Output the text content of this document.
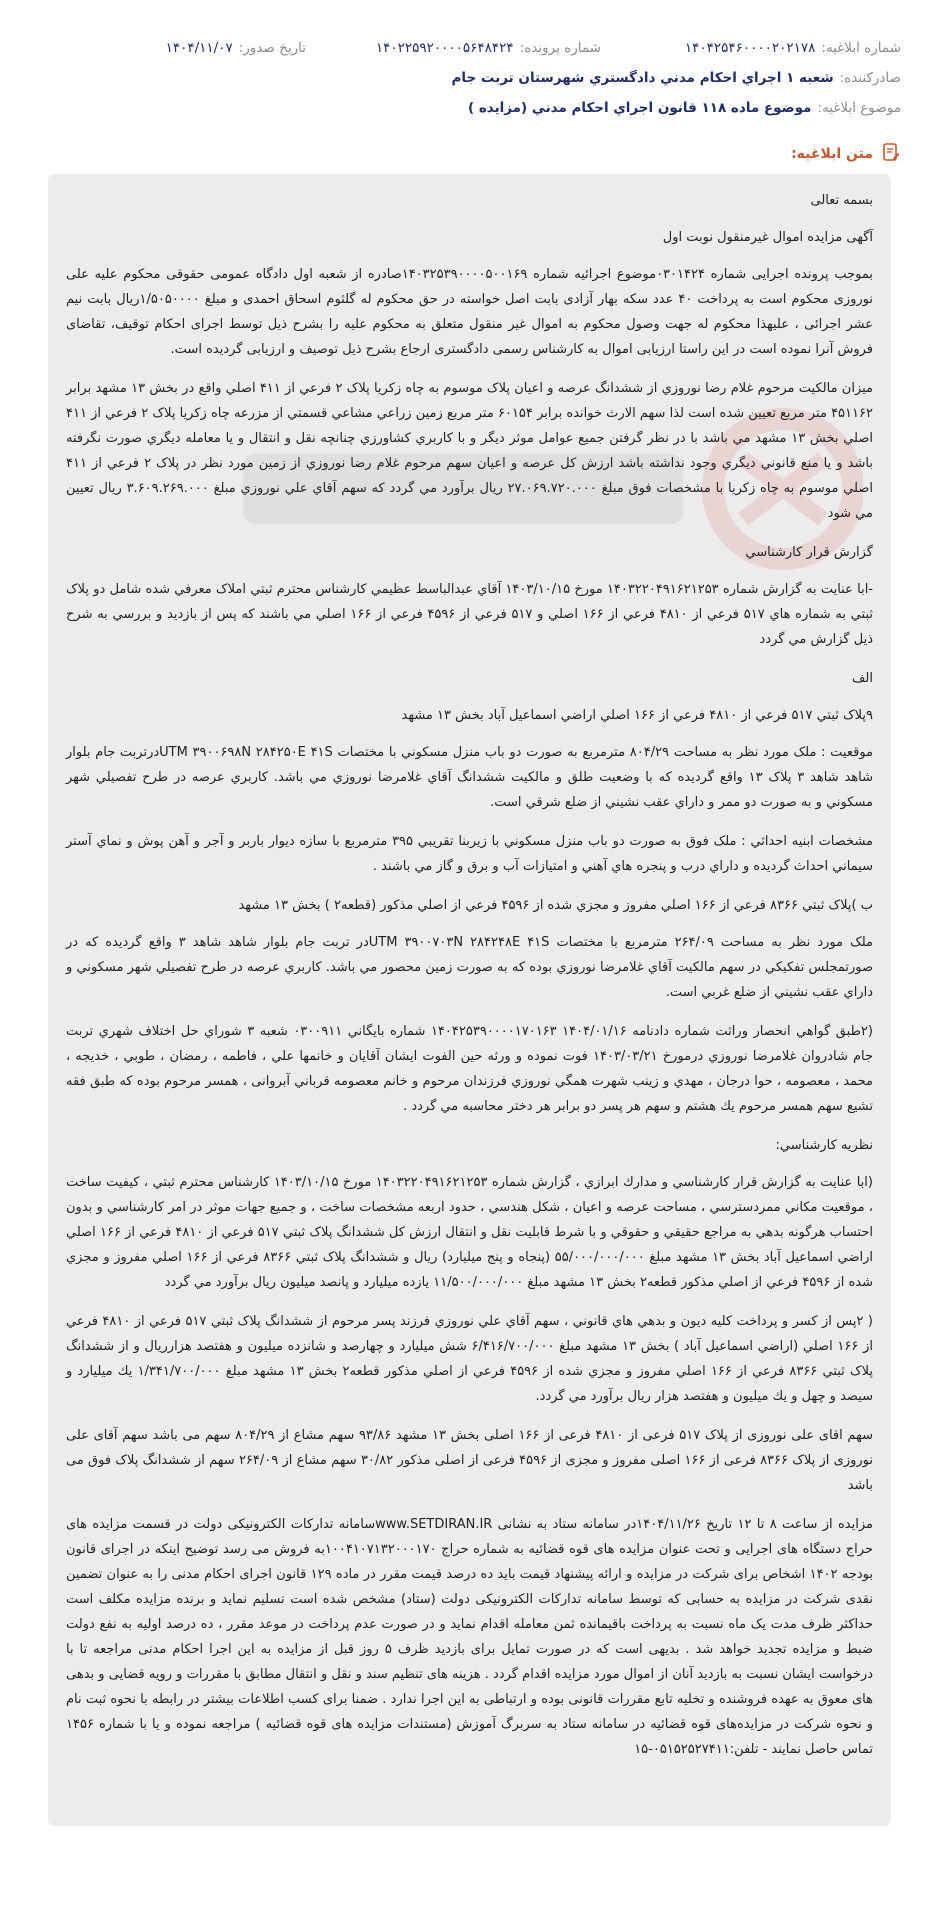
شماره ابلاغيه:
۱۴۰۴۲۵۴۶۰۰۰۰۲۰۲۱۷۸
شماره پرونده:
۱۴۰۲۲۵۹۲۰۰۰۰۵۶۴۸۴۲۴
تاريخ صدور:
۱۴۰۴/۱۱/۰۷
صادرکننده:
شعبه ۱ اجراي احکام مدني دادگستري شهرستان تربت جام
موضوع ابلاغيه:
موضوع ماده ۱۱۸ قانون اجراي احکام مدني (مزايده )
متن ابلاغيه:

بسمه تعالی

آگهی مزایده اموال غیرمنقول نوبت اول

بموجب پرونده اجرایی شماره ۰۳۰۱۴۲۴موضوع اجرائیه شماره ۱۴۰۳۲۵۳۹۰۰۰۰۵۰۰۱۶۹صادره از شعبه اول دادگاه عمومی حقوقی محکوم علیه علی نوروزی محکوم است به پرداخت ۴۰ عدد سکه بهار آزادی بابت اصل خواسته در حق محکوم له گلثوم اسحاق احمدی و مبلغ ۱/۵۰۵۰۰۰۰ریال بابت نیم عشر اجرائی ، علیهذا محکوم له جهت وصول محکوم به اموال غیر منقول متعلق به محکوم علیه را بشرح ذیل توسط اجرای احکام توقیف، تقاضای فروش آنرا نموده است در این راستا ارزیابی اموال به کارشناس رسمی دادگستری ارجاع بشرح ذیل توصیف و ارزیابی گردیده است.

ميزان مالکيت مرحوم غلام رضا نوروزي از ششدانگ عرصه و اعيان پلاک موسوم به چاه زکريا پلاک ۲ فرعي از ۴۱۱ اصلي واقع در بخش ۱۳ مشهد برابر ۴۵۱۱۶۲ متر مربع تعيين شده است لذا سهم الارث خوانده برابر ۶۰۱۵۴ متر مربع زمين زراعي مشاعي قسمتي از مزرعه چاه زکريا پلاک ۲ فرعي از ۴۱۱ اصلي بخش ۱۳ مشهد مي باشد با در نظر گرفتن جميع عوامل موثر ديگر و با کاربري کشاورزي چنانچه نقل و انتقال و يا معامله ديگري صورت نگرفته باشد و يا منع قانوني ديگري وجود نداشته باشد ارزش کل عرصه و اعيان سهم مرحوم غلام رضا نوروزي از زمين مورد نظر در پلاک ۲ فرعي از ۴۱۱ اصلي موسوم به چاه زکريا با مشخصات فوق مبلغ ۲۷.۰۶۹.۷۲۰.۰۰۰ ريال برآورد مي گردد که سهم آقاي علي نوروزي مبلغ ۳.۶۰۹.۲۶۹.۰۰۰ ريال تعيين مي شود

گزارش قرار کارشناسي

-ابا عنايت به گزارش شماره ۱۴۰۳۲۲۰۴۹۱۶۲۱۲۵۳ مورخ ۱۴۰۳/۱۰/۱۵ آقاي عبدالباسط عظيمي کارشناس محترم ثبتي املاک معرفي شده شامل دو پلاک ثبتي به شماره هاي ۵۱۷ فرعي از ۴۸۱۰ فرعي از ۱۶۶ اصلي و ۵۱۷ فرعي از ۴۵۹۶ فرعي از ۱۶۶ اصلي مي باشند که پس از بازديد و بررسي به شرح ذيل گزارش مي گردد

الف

۹پلاک ثبتي ۵۱۷ فرعي از ۴۸۱۰ فرعي از ۱۶۶ اصلي اراضي اسماعيل آباد بخش ۱۳ مشهد

موقعيت : ملک مورد نظر به مساحت ۸۰۴/۲۹ مترمربع به صورت دو باب منزل مسکوني با مختصات UTM ۳۹۰۰۶۹۸N ۲۸۴۲۵۰E ۴۱Sدرتربت جام بلوار شاهد شاهد ۳ پلاک ۱۳ واقع گرديده که با وضعيت طلق و مالکيت ششدانگ آقاي غلامرضا نوروزي مي باشد. کاربري عرصه در طرح تفصيلي شهر مسکوني و به صورت دو ممر و داراي عقب نشيني از ضلع شرقي است.

مشخصات ابنيه احداثي : ملک فوق به صورت دو باب منزل مسکوني با زيربنا تقريبي ۳۹۵ مترمربع با سازه ديوار باربر و آجر و آهن پوش و نماي آستر سيماني احداث گرديده و داراي درب و پنجره هاي آهني و امتيازات آب و برق و گاز مي باشند .

ب )پلاک ثبتي ۸۳۶۶ فرعي از ۱۶۶ اصلي مفروز و مجزي شده از ۴۵۹۶ فرعي از اصلي مذکور (قطعه۲ ) بخش ۱۳ مشهد

ملک مورد نظر به مساحت ۲۶۴/۰۹ مترمربع با مختصات UTM ۳۹۰۰۷۰۳N ۲۸۴۲۴۸E ۴۱Sدر تربت جام بلوار شاهد شاهد ۳ واقع گرديده که در صورتمجلس تفکيکي در سهم مالکيت آقاي غلامرضا نوروزي بوده که به صورت زمين محصور مي باشد. کاربري عرصه در طرح تفصيلي شهر مسکوني و داراي عقب نشيني از ضلع غربي است.

(۲طبق گواهي انحصار وراثت شماره دادنامه ۱۴۰۴/۰۱/۱۶ ۱۴۰۴۲۵۳۹۰۰۰۰۱۷۰۱۶۳ شماره بايگاني ۰۳۰۰۹۱۱ شعبه ۳ شوراي حل اختلاف شهري تربت جام شادروان غلامرضا نوروزي درمورخ ۱۴۰۳/۰۳/۲۱ فوت نموده و ورثه حين الفوت ايشان آقايان و خانمها علي ، فاطمه ، رمضان ، طوبي ، خديجه ، محمد ، معصومه ، حوا درجان ، مهدي و زينب شهرت همگي نوروزي فرزندان مرحوم و خانم معصومه قرباني آبروانی ، همسر مرحوم بوده که طبق فقه تشيع سهم همسر مرحوم يك هشتم و سهم هر پسر دو برابر هر دختر محاسبه مي گردد .

نظريه کارشناسي:

(ابا عنايت به گزارش قرار کارشناسي و مدارك ابرازي ، گزارش شماره ۱۴۰۳۲۲۰۴۹۱۶۲۱۲۵۳ مورخ ۱۴۰۳/۱۰/۱۵ کارشناس محترم ثبتي ، کيفيت ساخت ، موقعيت مکاني ممردسترسي ، مساحت عرصه و اعيان ، شکل هندسي ، حدود اربعه مشخصات ساخت ، و جميع جهات موثر در امر کارشناسي و بدون احتساب هرگونه بدهي به مراجع حقيقي و حقوقي و با شرط قابليت نقل و انتقال ارزش کل ششدانگ پلاک ثبتي ۵۱۷ فرعي از ۴۸۱۰ فرعي از ۱۶۶ اصلي اراضي اسماعيل آباد بخش ۱۳ مشهد مبلغ ۵۵/۰۰۰/۰۰۰/۰۰۰ (پنجاه و پنج ميليارد) ريال و ششدانگ پلاک ثبتي ۸۳۶۶ فرعي از ۱۶۶ اصلي مفروز و مجزي شده از ۴۵۹۶ فرعي از اصلي مذکور قطعه۲ بخش ۱۳ مشهد مبلغ ۱۱/۵۰۰/۰۰۰/۰۰۰ يازده ميليارد و پانصد ميليون ريال برآورد مي گردد

( ۲پس از کسر و پرداخت کليه ديون و بدهي هاي قانوني ، سهم آقاي علي نوروزي فرزند پسر مرحوم از ششدانگ پلاک ثبتي ۵۱۷ فرعي از ۴۸۱۰ فرعي از ۱۶۶ اصلي (اراضي اسماعيل آباد ) بخش ۱۳ مشهد مبلغ ۶/۴۱۶/۷۰۰/۰۰۰ شش ميليارد و چهارصد و شانزده ميليون و هفتصد هزارريال و از ششدانگ پلاک ثبتي ۸۳۶۶ فرعي از ۱۶۶ اصلي مفروز و مجزي شده از ۴۵۹۶ فرعي از اصلي مذکور قطعه۲ بخش ۱۳ مشهد مبلغ ۱/۳۴۱/۷۰۰/۰۰۰ يك ميليارد و سيصد و چهل و يك ميليون و هفتصد هزار ريال برآورد مي گردد.

سهم اقای علی نوروزی از پلاک ۵۱۷ فرعی از ۴۸۱۰ فرعی از ۱۶۶ اصلی بخش ۱۳ مشهد ۹۳/۸۶ سهم مشاع از ۸۰۴/۲۹ سهم می باشد سهم آقای علی نوروزی از پلاک ۸۳۶۶ فرعی از ۱۶۶ اصلی مفروز و مجزی از ۴۵۹۶ فرعی از اصلی مذکور ۳۰/۸۲ سهم مشاع از ۲۶۴/۰۹ سهم از ششدانگ پلاک فوق می باشد

مزایده از ساعت ۸ تا ۱۲ تاریخ ۱۴۰۴/۱۱/۲۶در سامانه ستاد به نشانی www.SETDIRAN.IRسامانه تدارکات الکترونیکی دولت در قسمت مزایده های حراج دستگاه های اجرایی و تحت عنوان مزایده های قوه قضائیه به شماره حراج ۱۰۰۴۱۰۷۱۳۲۰۰۰۱۷۰به فروش می رسد توضیح اینکه در اجرای قانون بودجه ۱۴۰۲ اشخاص برای شرکت در مزایده و ارائه پیشنهاد قیمت باید ده درصد قیمت مقرر در ماده ۱۲۹ قانون اجرای احکام مدنی را به عنوان تضمین نقدی شرکت در مزایده به حسابی که توسط سامانه تدارکات الکترونیکی دولت (ستاد) مشخص شده است تسلیم نماید و برنده مزایده مکلف است حداکثر ظرف مدت یک ماه نسبت به پرداخت باقیمانده ثمن معامله اقدام نماید و در صورت عدم پرداخت در موعد مقرر ، ده درصد اولیه به نفع دولت ضبط و مزایده تجدید خواهد شد . بدیهی است که در صورت تمایل برای بازدید ظرف ۵ روز قبل از مزایده به این اجرا احکام مدنی مراجعه تا با درخواست ایشان نسبت به بازدید آنان از اموال مورد مزایده اقدام گردد . هزینه های تنظیم سند و نقل و انتقال مطابق با مقررات و رویه قضایی و بدهی های معوق به عهده فروشنده و تخلیه تابع مقررات قانونی بوده و ارتباطی به این اجرا ندارد . ضمنا برای کسب اطلاعات بیشتر در رابطه با نحوه ثبت نام و نحوه شرکت در مزایده‌های قوه قضائیه در سامانه ستاد به سربرگ آموزش (مستندات مزایده های قوه قضائیه ) مراجعه نموده و یا با شماره ۱۴۵۶ تماس حاصل نمایند - تلفن:۰۵۱۵۲۵۲۷۴۱۱-۱۵
